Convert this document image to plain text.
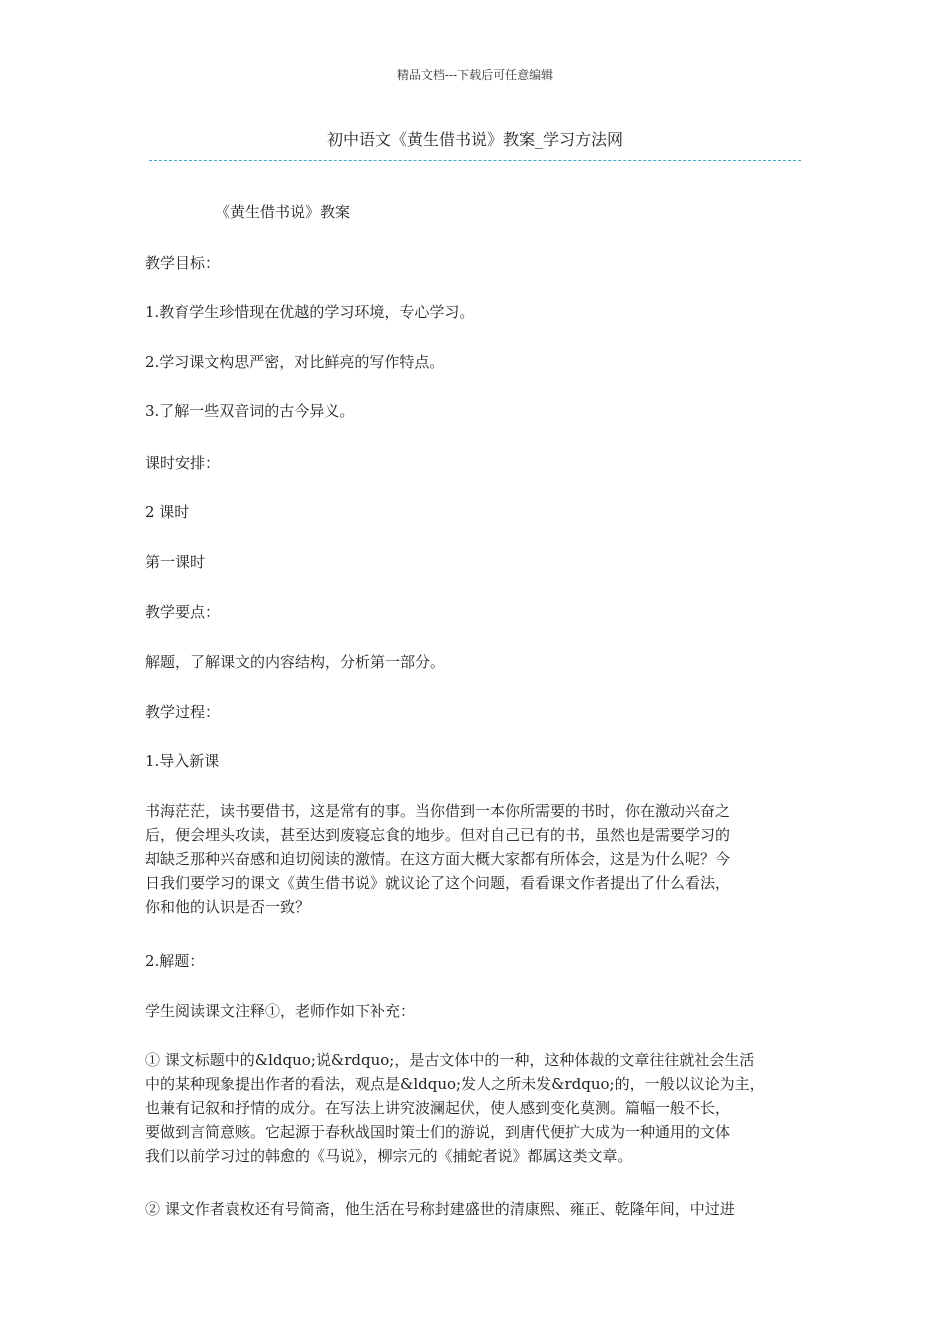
精品文档---下载后可任意编辑
初中语文《黄生借书说》教案_学习方法网
《黄生借书说》教案
教学目标：
1.教育学生珍惜现在优越的学习环境，专心学习。
2.学习课文构思严密，对比鲜亮的写作特点。
3.了解一些双音词的古今异义。
课时安排：
2 课时
第一课时
教学要点：
解题，了解课文的内容结构，分析第一部分。
教学过程：
1.导入新课
书海茫茫，读书要借书，这是常有的事。当你借到一本你所需要的书时，你在激动兴奋之
后，便会埋头攻读，甚至达到废寝忘食的地步。但对自己已有的书，虽然也是需要学习的
却缺乏那种兴奋感和迫切阅读的激情。在这方面大概大家都有所体会，这是为什么呢？今
日我们要学习的课文《黄生借书说》就议论了这个问题，看看课文作者提出了什么看法，
你和他的认识是否一致？
2.解题：
学生阅读课文注释①，老师作如下补充：
① 课文标题中的&ldquo;说&rdquo;，是古文体中的一种，这种体裁的文章往往就社会生活
中的某种现象提出作者的看法，观点是&ldquo;发人之所未发&rdquo;的，一般以议论为主，
也兼有记叙和抒情的成分。在写法上讲究波澜起伏，使人感到变化莫测。篇幅一般不长，
要做到言简意赅。它起源于春秋战国时策士们的游说，到唐代便扩大成为一种通用的文体
我们以前学习过的韩愈的《马说》，柳宗元的《捕蛇者说》都属这类文章。
② 课文作者袁枚还有号简斋，他生活在号称封建盛世的清康熙、雍正、乾隆年间，中过进
